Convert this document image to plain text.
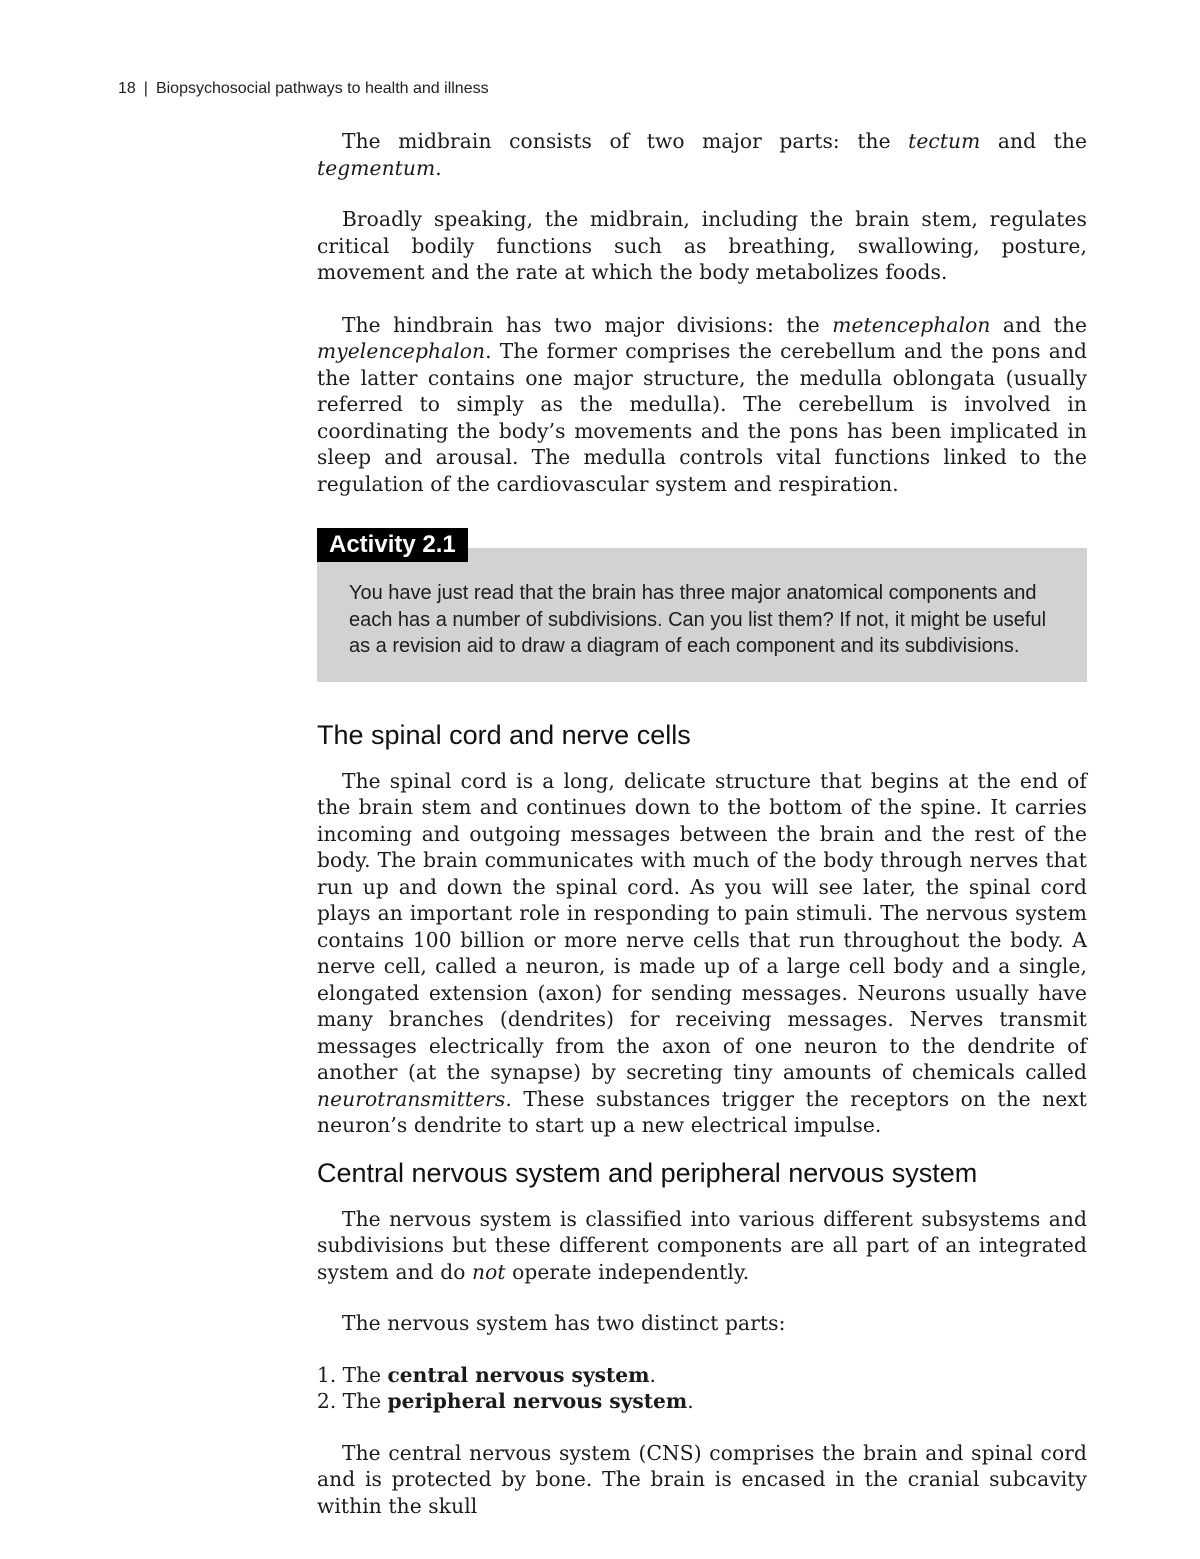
18 | Biopsychosocial pathways to health and illness

The midbrain consists of two major parts: the tectum and the tegmentum.

Broadly speaking, the midbrain, including the brain stem, regulates critical bodily functions such as breathing, swallowing, posture, movement and the rate at which the body metabolizes foods.

The hindbrain has two major divisions: the metencephalon and the myelencephalon. The former comprises the cerebellum and the pons and the latter contains one major structure, the medulla oblongata (usually referred to simply as the medulla). The cerebellum is involved in coordinating the body’s movements and the pons has been implicated in sleep and arousal. The medulla controls vital functions linked to the regulation of the cardiovascular system and respiration.

Activity 2.1
You have just read that the brain has three major anatomical components and each has a number of subdivisions. Can you list them? If not, it might be useful as a revision aid to draw a diagram of each component and its subdivisions.
The spinal cord and nerve cells

The spinal cord is a long, delicate structure that begins at the end of the brain stem and continues down to the bottom of the spine. It carries incoming and outgoing messages between the brain and the rest of the body. The brain communicates with much of the body through nerves that run up and down the spinal cord. As you will see later, the spinal cord plays an important role in responding to pain stimuli. The nervous system contains 100 billion or more nerve cells that run throughout the body. A nerve cell, called a neuron, is made up of a large cell body and a single, elongated extension (axon) for sending messages. Neurons usually have many branches (dendrites) for receiving messages. Nerves transmit messages electrically from the axon of one neuron to the dendrite of another (at the synapse) by secreting tiny amounts of chemicals called neurotransmitters. These substances trigger the receptors on the next neuron’s dendrite to start up a new electrical impulse.

Central nervous system and peripheral nervous system

The nervous system is classified into various different subsystems and subdivisions but these different components are all part of an integrated system and do not operate independently.

The nervous system has two distinct parts:

1. The central nervous system.
2. The peripheral nervous system.

The central nervous system (CNS) comprises the brain and spinal cord and is protected by bone. The brain is encased in the cranial subcavity within the skull
